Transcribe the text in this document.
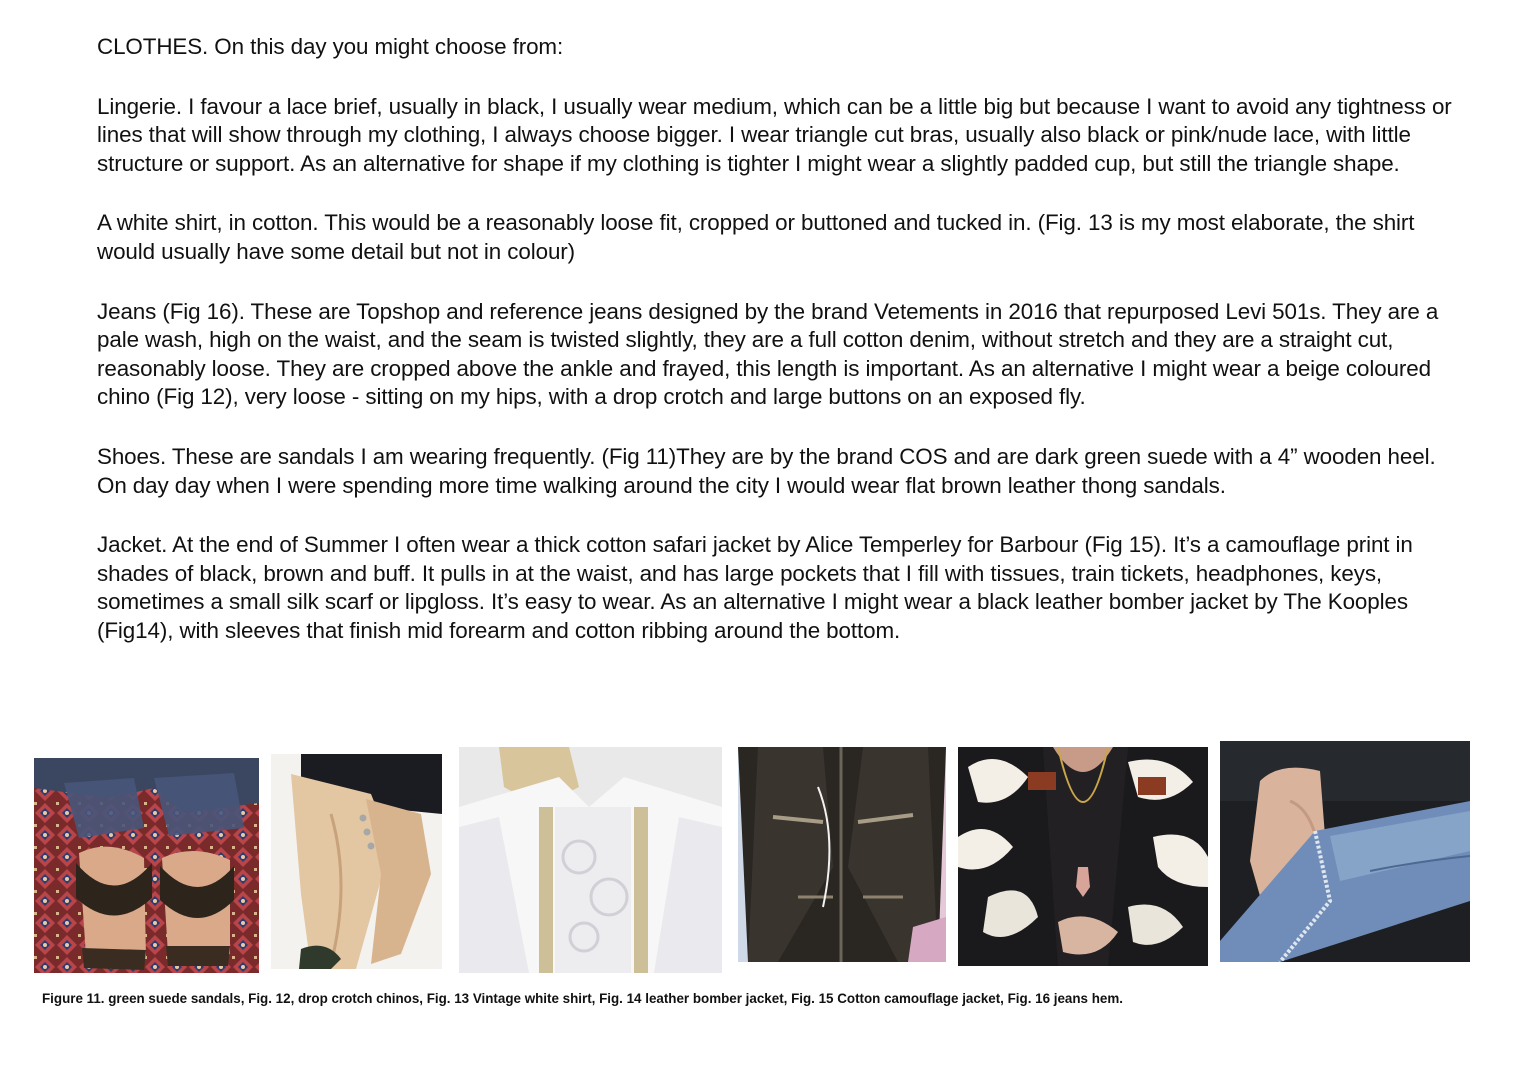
CLOTHES. On this day you might choose from:

Lingerie. I favour a lace brief, usually in black, I usually wear medium, which can be a little big but because I want to avoid any tightness or lines that will show through my clothing, I always choose bigger. I wear triangle cut bras, usually also black or pink/nude lace, with little structure or support. As an alternative for shape if my clothing is tighter I might wear a slightly padded cup, but still the triangle shape.

A white shirt, in cotton. This would be a reasonably loose fit, cropped or buttoned and tucked in. (Fig. 13 is my most elaborate, the shirt would usually have some detail but not in colour)

Jeans (Fig 16). These are Topshop and reference jeans designed by the brand Vetements in 2016 that repurposed Levi 501s. They are a pale wash, high on the waist, and the seam is twisted slightly, they are a full cotton denim, without stretch and they are a straight cut, reasonably loose. They are cropped above the ankle and frayed, this length is important. As an alternative I might wear a beige coloured chino (Fig 12), very loose - sitting on my hips, with a drop crotch and large buttons on an exposed fly.

Shoes. These are sandals I am wearing frequently. (Fig 11)They are by the brand COS and are dark green suede with a 4” wooden heel. On day day when I were spending more time walking around the city I would wear flat brown leather thong sandals.

Jacket. At the end of Summer I often wear a thick cotton safari jacket by Alice Temperley for Barbour (Fig 15). It’s a camouflage print in shades of black, brown and buff. It pulls in at the waist, and has large pockets that I fill with tissues, train tickets, headphones, keys, sometimes a small silk scarf or lipgloss. It’s easy to wear. As an alternative I might wear a black leather bomber jacket by The Kooples (Fig14), with sleeves that finish mid forearm and cotton ribbing around the bottom.

Figure 11. green suede sandals, Fig. 12, drop crotch chinos, Fig. 13 Vintage white shirt, Fig. 14 leather bomber jacket, Fig. 15 Cotton camouflage jacket, Fig. 16 jeans hem.
